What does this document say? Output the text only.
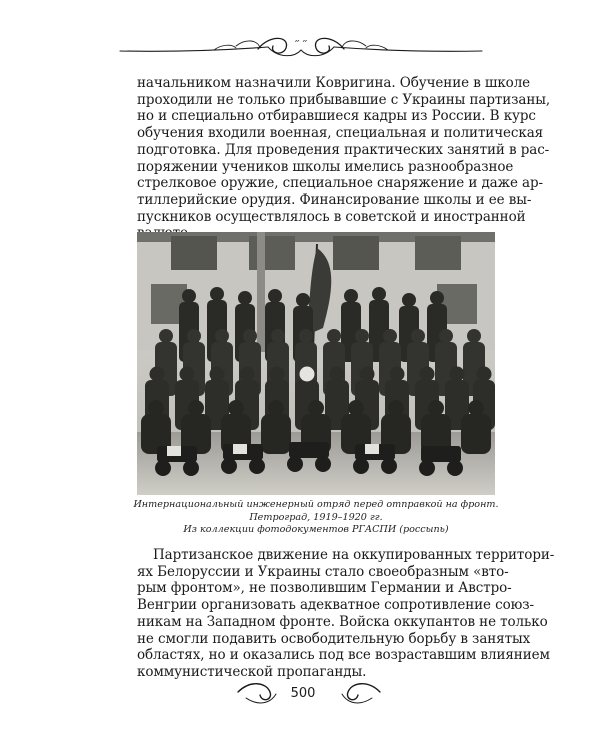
˶ ˶
начальником назначили Ковригина. Обучение в школе
проходили не только прибывавшие с Украины партизаны,
но и специально отбиравшиеся кадры из России. В курс
обучения входили военная, специальная и политическая
подготовка. Для проведения практических занятий в рас-
поряжении учеников школы имелись разнообразное
стрелковое оружие, специальное снаряжение и даже ар-
тиллерийские орудия. Финансирование школы и ее вы-
пускников осуществлялось в советской и иностранной
Интернациональный инженерный отряд перед отправкой на фронт.
Петроград, 1919–1920 гг.
Из коллекции фотодокументов РГАСПИ (россыпь)
Партизанское движение на оккупированных территори-
ях Белоруссии и Украины стало своеобразным «вто-
рым фронтом», не позволившим Германии и Австро-
Венгрии организовать адекватное сопротивление союз-
никам на Западном фронте. Войска оккупантов не только
не смогли подавить освободительную борьбу в занятых
областях, но и оказались под все возраставшим влиянием
коммунистической пропаганды.
500
